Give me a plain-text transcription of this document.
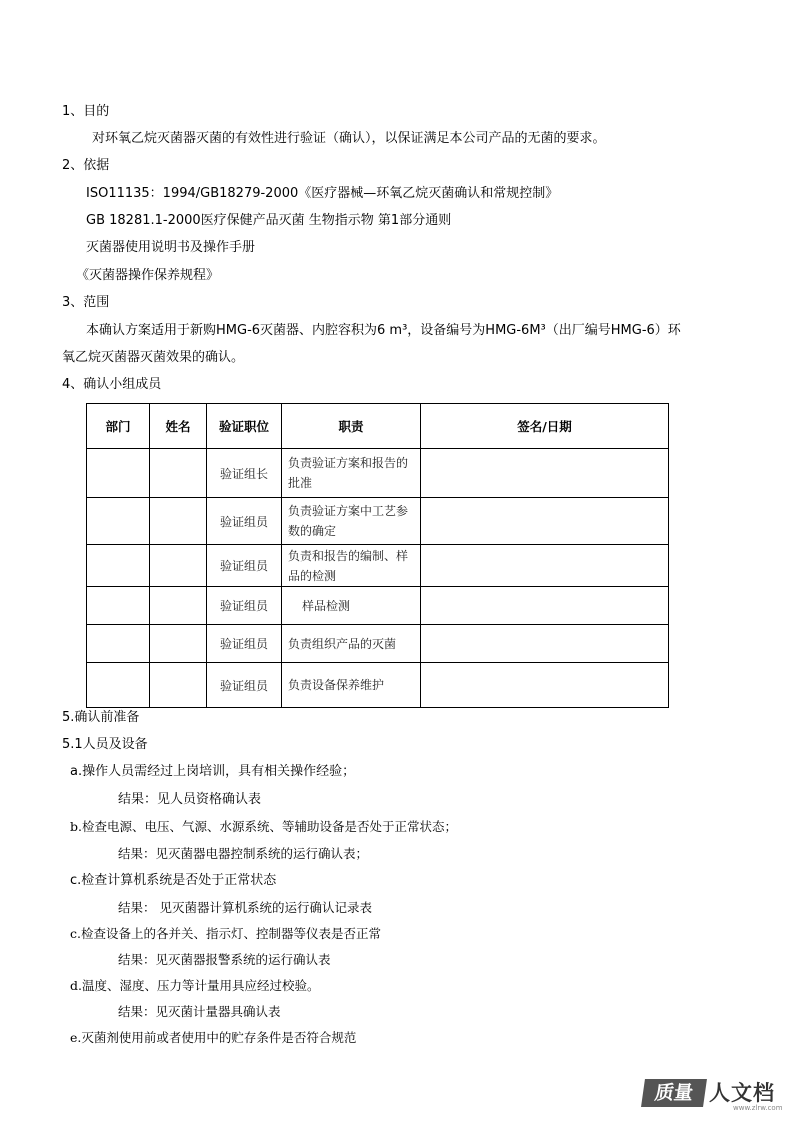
1、目的
对环氧乙烷灭菌器灭菌的有效性进行验证（确认），以保证满足本公司产品的无菌的要求。
2、依据
ISO11135：1994/GB18279-2000《医疗器械—环氧乙烷灭菌确认和常规控制》
GB 18281.1-2000医疗保健产品灭菌 生物指示物 第1部分通则
灭菌器使用说明书及操作手册
《灭菌器操作保养规程》
3、范围
本确认方案适用于新购HMG-6灭菌器、内腔容积为6 m³，设备编号为HMG-6M³（出厂编号HMG-6）环
氧乙烷灭菌器灭菌效果的确认。
4、确认小组成员
部门	姓名	验证职位	职责	签名/日期
		验证组长	负责验证方案和报告的批准	
		验证组员	负责验证方案中工艺参数的确定	
		验证组员	负责和报告的编制、样品的检测	
		验证组员	样品检测	
		验证组员	负责组织产品的灭菌	
		验证组员	负责设备保养维护	
5.确认前准备
5.1人员及设备
a.操作人员需经过上岗培训，具有相关操作经验；
结果：见人员资格确认表
b.检查电源、电压、气源、水源系统、等辅助设备是否处于正常状态；
结果：见灭菌器电器控制系统的运行确认表；
c.检查计算机系统是否处于正常状态
结果： 见灭菌器计算机系统的运行确认记录表
c.检查设备上的各并关、指示灯、控制器等仪表是否正常
结果：见灭菌器报警系统的运行确认表
d.温度、湿度、压力等计量用具应经过校验。
结果：见灭菌计量器具确认表
e.灭菌剂使用前或者使用中的贮存条件是否符合规范
质量 人文档
www.zlrw.com
